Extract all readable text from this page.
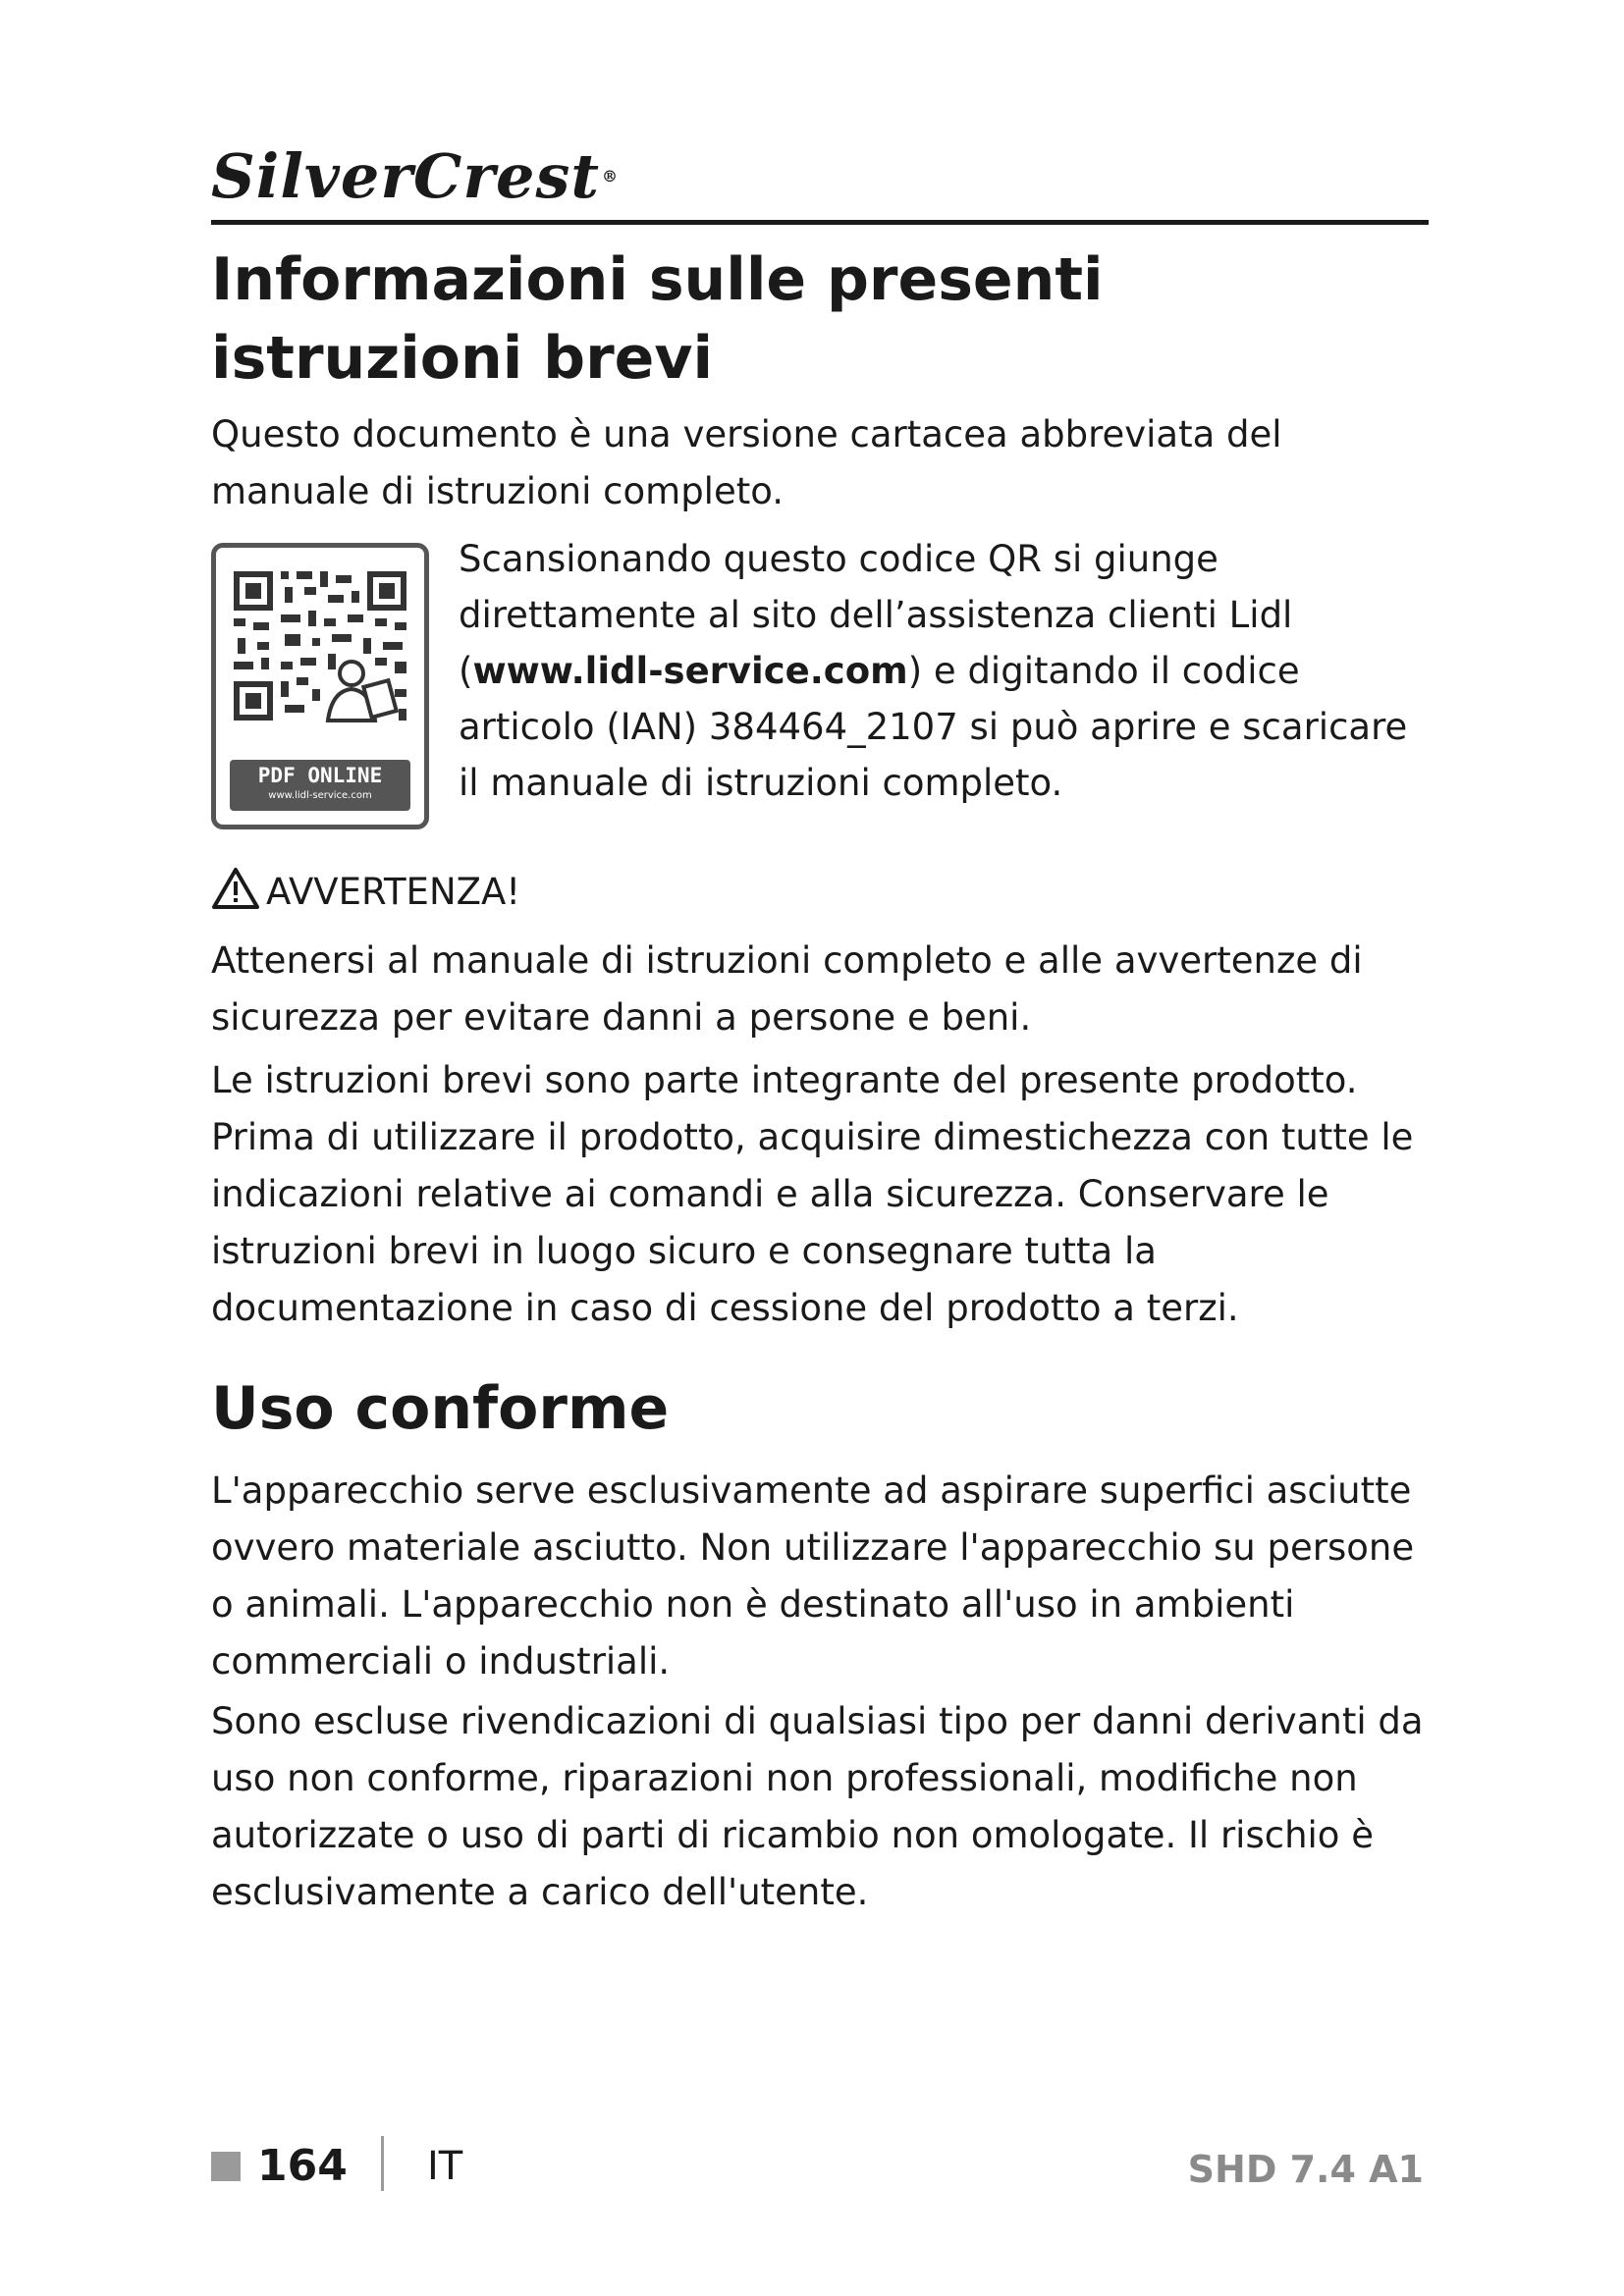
SilverCrest ®
Informazioni sulle presenti istruzioni brevi

Questo documento è una versione cartacea abbreviata del manuale di istruzioni completo.

PDF ONLINE
www.lidl-service.com

Scansionando questo codice QR si giunge direttamente al sito dell’assistenza clienti Lidl (www.lidl-service.com) e digitando il codice articolo (IAN) 384464_2107 si può aprire e scaricare il manuale di istruzioni completo.

AVVERTENZA!

Attenersi al manuale di istruzioni completo e alle avvertenze di sicurezza per evitare danni a persone e beni.

Le istruzioni brevi sono parte integrante del presente prodotto. Prima di utilizzare il prodotto, acquisire dimestichezza con tutte le indicazioni relative ai comandi e alla sicurezza. Conservare le istruzioni brevi in luogo sicuro e consegnare tutta la documentazione in caso di cessione del prodotto a terzi.

Uso conforme

L'apparecchio serve esclusivamente ad aspirare superfici asciutte ovvero materiale asciutto. Non utilizzare l'apparecchio su persone o animali. L'apparecchio non è destinato all'uso in ambienti commerciali o industriali.

Sono escluse rivendicazioni di qualsiasi tipo per danni derivanti da uso non conforme, riparazioni non professionali, modifiche non autorizzate o uso di parti di ricambio non omologate. Il rischio è esclusivamente a carico dell'utente.

164 IT	SHD 7.4 A1
